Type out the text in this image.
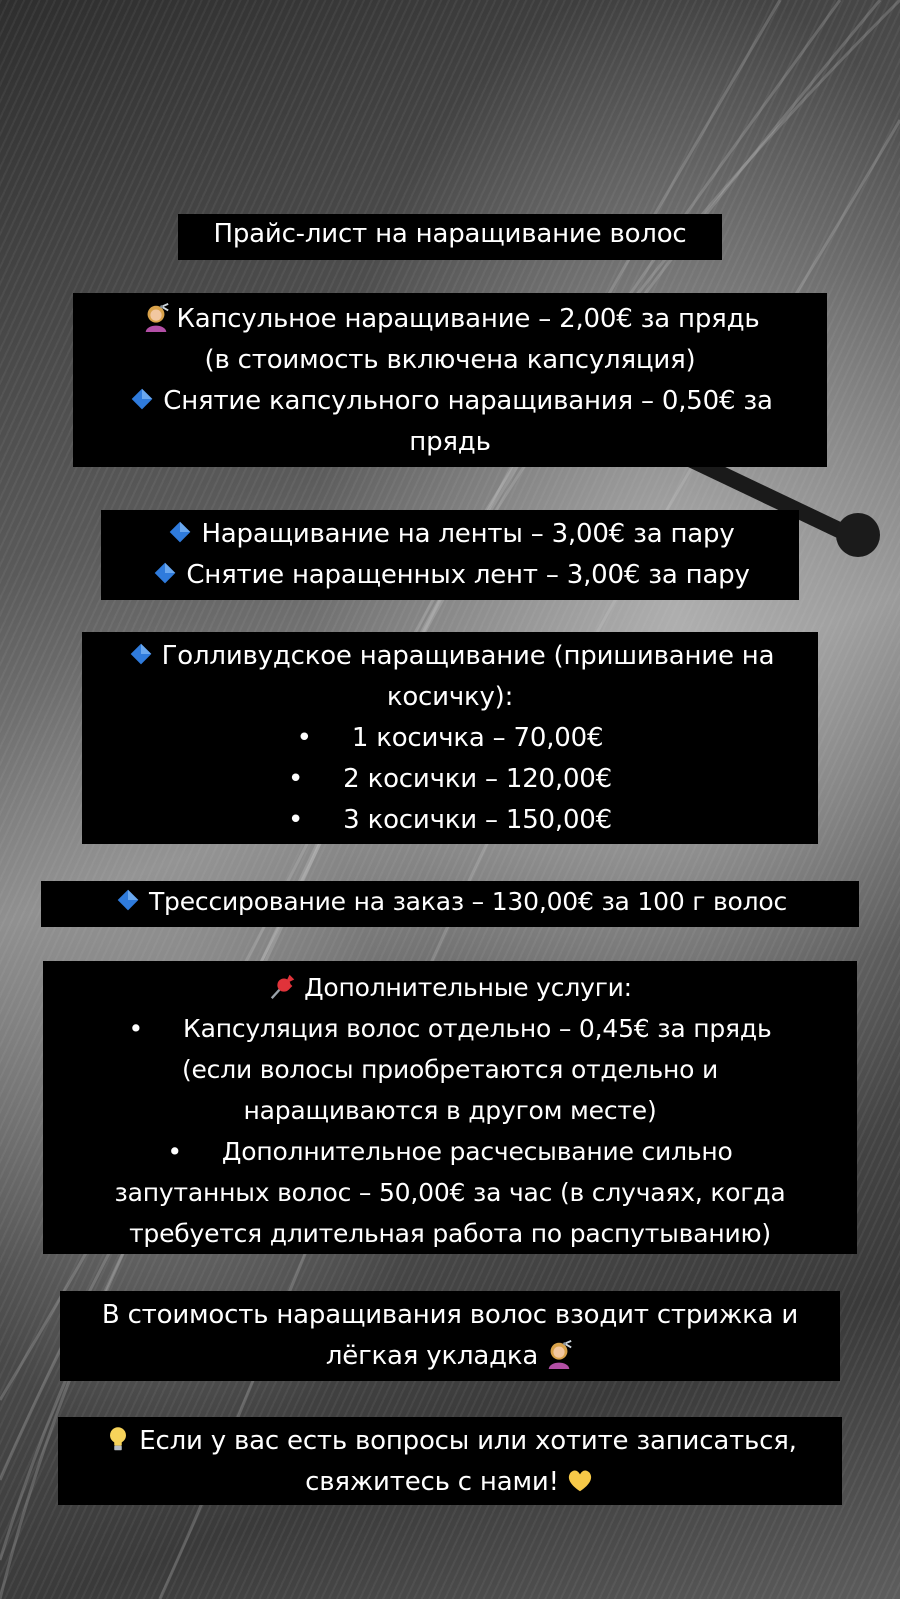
Прайс-лист на наращивание волос
Капсульное наращивание – 2,00€ за прядь
(в стоимость включена капсуляция)
Снятие капсульного наращивания – 0,50€ за
прядь
Наращивание на ленты – 3,00€ за пару
Снятие нарaщенных лент – 3,00€ за пару
Голливудское наращивание (пришивание на
косичку):
• 1 косичка – 70,00€
• 2 косички – 120,00€
• 3 косички – 150,00€
Трессирование на заказ – 130,00€ за 100 г волос
Дополнительные услуги:
• Капсуляция волос отдельно – 0,45€ за прядь
(если волосы приобретаются отдельно и
наращиваются в другом месте)
• Дополнительное расчесывание сильно
запутанных волос – 50,00€ за час (в случаях, когда
требуется длительная работа по распутыванию)
В стоимость наращивания волос взодит стрижка и
лёгкая укладка
Если у вас есть вопросы или хотите записаться,
свяжитесь с нами!
